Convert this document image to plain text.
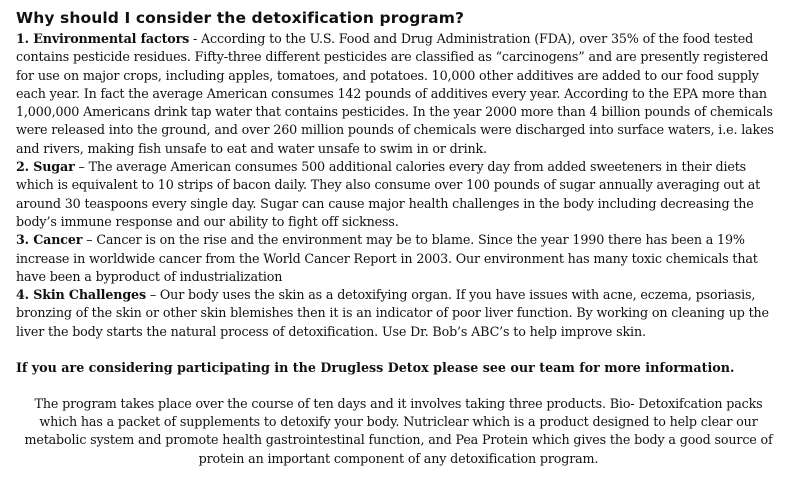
Why should I consider the detoxification program?

1. Environmental factors - According to the U.S. Food and Drug Administration (FDA), over 35% of the food tested contains pesticide residues. Fifty-three different pesticides are classified as “carcinogens” and are presently registered for use on major crops, including apples, tomatoes, and potatoes. 10,000 other additives are added to our food supply each year. In fact the average American consumes 142 pounds of additives every year. According to the EPA more than 1,000,000 Americans drink tap water that contains pesticides. In the year 2000 more than 4 billion pounds of chemicals were released into the ground, and over 260 million pounds of chemicals were discharged into surface waters, i.e. lakes and rivers, making fish unsafe to eat and water unsafe to swim in or drink.

2. Sugar – The average American consumes 500 additional calories every day from added sweeteners in their diets which is equivalent to 10 strips of bacon daily. They also consume over 100 pounds of sugar annually averaging out at around 30 teaspoons every single day. Sugar can cause major health challenges in the body including decreasing the body’s immune response and our ability to fight off sickness.

3. Cancer – Cancer is on the rise and the environment may be to blame. Since the year 1990 there has been a 19% increase in worldwide cancer from the World Cancer Report in 2003. Our environment has many toxic chemicals that have been a byproduct of industrialization

4. Skin Challenges – Our body uses the skin as a detoxifying organ. If you have issues with acne, eczema, psoriasis, bronzing of the skin or other skin blemishes then it is an indicator of poor liver function. By working on cleaning up the liver the body starts the natural process of detoxification. Use Dr. Bob’s ABC’s to help improve skin.

If you are considering participating in the Drugless Detox please see our team for more information.

The program takes place over the course of ten days and it involves taking three products. Bio- Detoxifcation packs which has a packet of supplements to detoxify your body. Nutriclear which is a product designed to help clear our metabolic system and promote health gastrointestinal function, and Pea Protein which gives the body a good source of protein an important component of any detoxification program.
